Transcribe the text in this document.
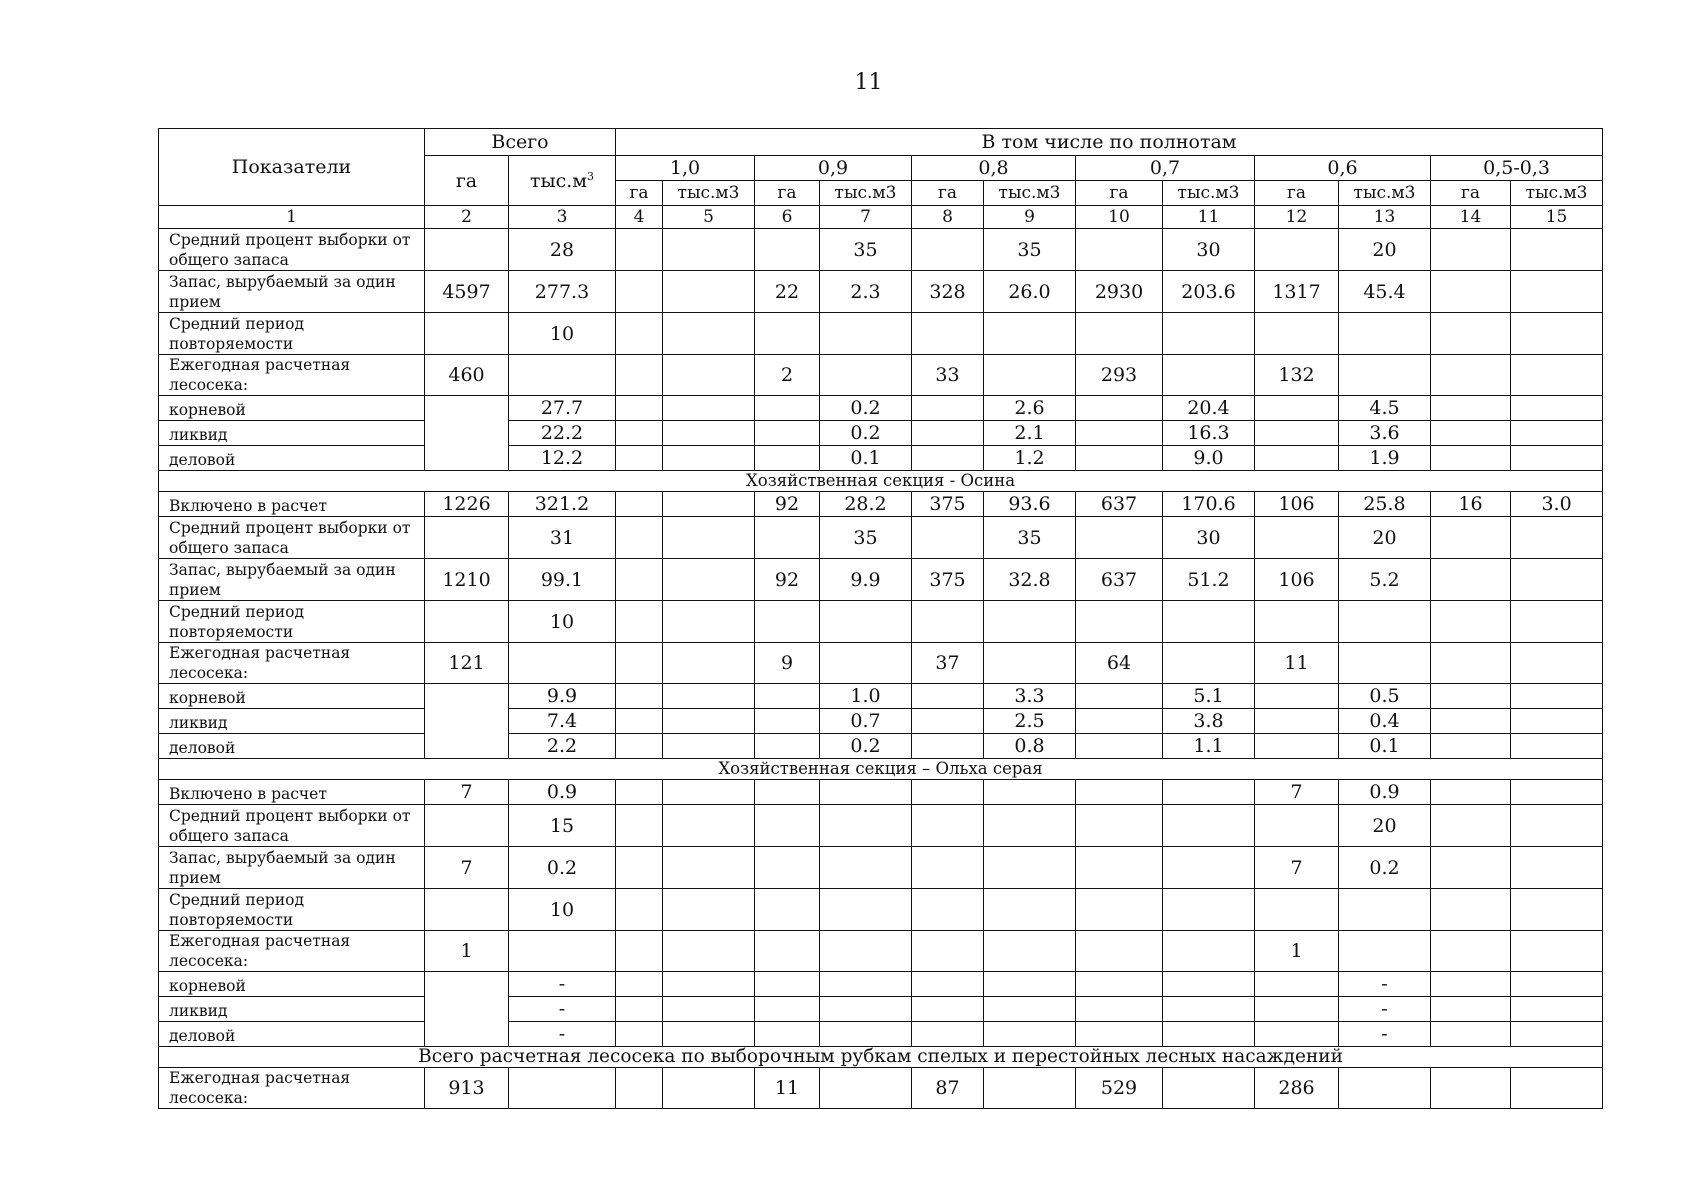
11
Показатели	Всего		В том числе по полнотам											
	га	$тыс.м^3$	1,0		0,9		0,8		0,7		0,6		0,5-0,3	
			га	тыс.м3	га	тыс.м3	га	тыс.м3	га	тыс.м3	га	тыс.м3	га	тыс.м3
1	2	3	4	5	6	7	8	9	10	11	12	13	14	15
Средний процент выборки от общего запаса		28				35		35		30		20		
Запас, вырубаемый за один прием	4597	277.3			22	2.3	328	26.0	2930	203.6	1317	45.4		
Средний период повторяемости		10												
Ежегодная расчетная лесосека:	460				2		33		293		132			
корневой		27.7				0.2		2.6		20.4		4.5		
ликвид		22.2				0.2		2.1		16.3		3.6		
деловой		12.2				0.1		1.2		9.0		1.9		
Хозяйственная секция - Осина														
Включено в расчет	1226	321.2			92	28.2	375	93.6	637	170.6	106	25.8	16	3.0
Средний процент выборки от общего запаса		31				35		35		30		20		
Запас, вырубаемый за один прием	1210	99.1			92	9.9	375	32.8	637	51.2	106	5.2		
Средний период повторяемости		10												
Ежегодная расчетная лесосека:	121				9		37		64		11			
корневой		9.9				1.0		3.3		5.1		0.5		
ликвид		7.4				0.7		2.5		3.8		0.4		
деловой		2.2				0.2		0.8		1.1		0.1		
Хозяйственная секция – Ольха серая														
Включено в расчет	7	0.9									7	0.9		
Средний процент выборки от общего запаса		15										20		
Запас, вырубаемый за один прием	7	0.2									7	0.2		
Средний период повторяемости		10												
Ежегодная расчетная лесосека:	1										1			
корневой		-										-		
ликвид		-										-		
деловой		-										-		
Всего расчетная лесосека по выборочным рубкам спелых и перестойных лесных насаждений														
Ежегодная расчетная лесосека:	913				11		87		529		286			
